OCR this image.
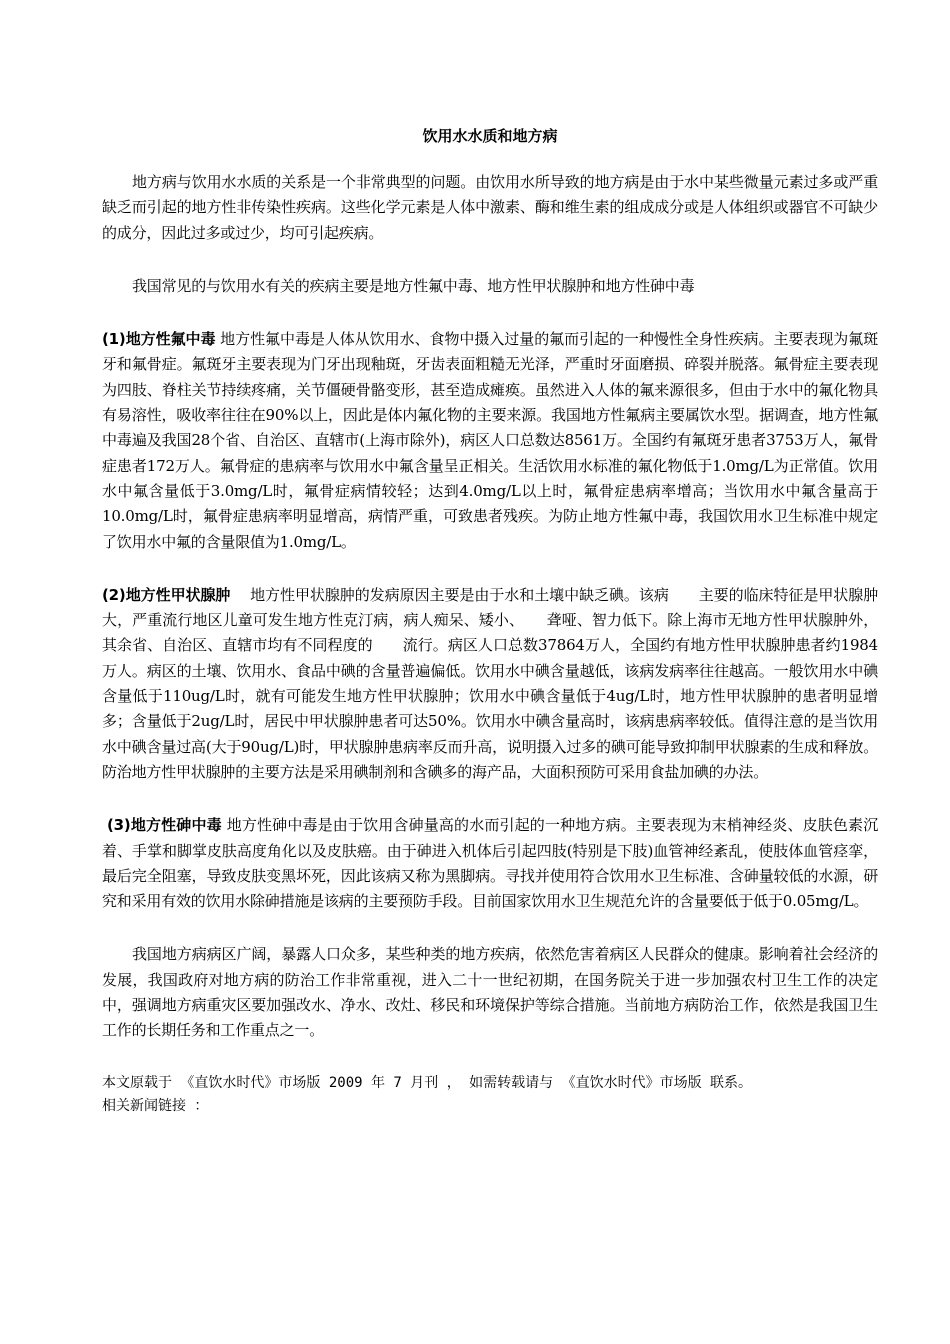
饮用水水质和地方病

地方病与饮用水水质的关系是一个非常典型的问题。由饮用水所导致的地方病是由于水中某些微量元素过多或严重缺乏而引起的地方性非传染性疾病。这些化学元素是人体中激素、酶和维生素的组成成分或是人体组织或器官不可缺少的成分，因此过多或过少，均可引起疾病。

我国常见的与饮用水有关的疾病主要是地方性氟中毒、地方性甲状腺肿和地方性砷中毒

(1)地方性氟中毒 地方性氟中毒是人体从饮用水、食物中摄入过量的氟而引起的一种慢性全身性疾病。主要表现为氟斑牙和氟骨症。氟斑牙主要表现为门牙出现釉斑，牙齿表面粗糙无光泽，严重时牙面磨损、碎裂并脱落。氟骨症主要表现为四肢、脊柱关节持续疼痛，关节僵硬骨骼变形，甚至造成瘫痪。虽然进入人体的氟来源很多，但由于水中的氟化物具有易溶性，吸收率往往在90%以上，因此是体内氟化物的主要来源。我国地方性氟病主要属饮水型。据调查，地方性氟中毒遍及我国28个省、自治区、直辖市(上海市除外)，病区人口总数达8561万。全国约有氟斑牙患者3753万人，氟骨症患者172万人。氟骨症的患病率与饮用水中氟含量呈正相关。生活饮用水标准的氟化物低于1.0mg/L为正常值。饮用水中氟含量低于3.0mg/L时，氟骨症病情较轻；达到4.0mg/L以上时，氟骨症患病率增高；当饮用水中氟含量高于10.0mg/L时，氟骨症患病率明显增高，病情严重，可致患者残疾。为防止地方性氟中毒，我国饮用水卫生标准中规定了饮用水中氟的含量限值为1.0mg/L。

(2)地方性甲状腺肿 　地方性甲状腺肿的发病原因主要是由于水和土壤中缺乏碘。该病　　主要的临床特征是甲状腺肿大，严重流行地区儿童可发生地方性克汀病，病人痴呆、矮小、　　聋哑、智力低下。除上海市无地方性甲状腺肿外，其余省、自治区、直辖市均有不同程度的　　流行。病区人口总数37864万人，全国约有地方性甲状腺肿患者约1984万人。病区的土壤、饮用水、食品中碘的含量普遍偏低。饮用水中碘含量越低，该病发病率往往越高。一般饮用水中碘含量低于110ug/L时，就有可能发生地方性甲状腺肿；饮用水中碘含量低于4ug/L时，地方性甲状腺肿的患者明显增多；含量低于2ug/L时，居民中甲状腺肿患者可达50%。饮用水中碘含量高时，该病患病率较低。值得注意的是当饮用水中碘含量过高(大于90ug/L)时，甲状腺肿患病率反而升高，说明摄入过多的碘可能导致抑制甲状腺素的生成和释放。防治地方性甲状腺肿的主要方法是采用碘制剂和含碘多的海产品，大面积预防可采用食盐加碘的办法。

(3)地方性砷中毒 地方性砷中毒是由于饮用含砷量高的水而引起的一种地方病。主要表现为末梢神经炎、皮肤色素沉着、手掌和脚掌皮肤高度角化以及皮肤癌。由于砷进入机体后引起四肢(特别是下肢)血管神经紊乱，使肢体血管痉挛，最后完全阻塞，导致皮肤变黑坏死，因此该病又称为黑脚病。寻找并使用符合饮用水卫生标准、含砷量较低的水源，研究和采用有效的饮用水除砷措施是该病的主要预防手段。目前国家饮用水卫生规范允许的含量要低于低于0.05mg/L。

我国地方病病区广阔，暴露人口众多，某些种类的地方疾病，依然危害着病区人民群众的健康。影响着社会经济的发展，我国政府对地方病的防治工作非常重视，进入二十一世纪初期，在国务院关于进一步加强农村卫生工作的决定中，强调地方病重灾区要加强改水、净水、改灶、移民和环境保护等综合措施。当前地方病防治工作，依然是我国卫生工作的长期任务和工作重点之一。

本文原载于 《直饮水时代》市场版 2009 年 7 月刊 ， 如需转载请与 《直饮水时代》市场版 联系。

相关新闻链接 ：
